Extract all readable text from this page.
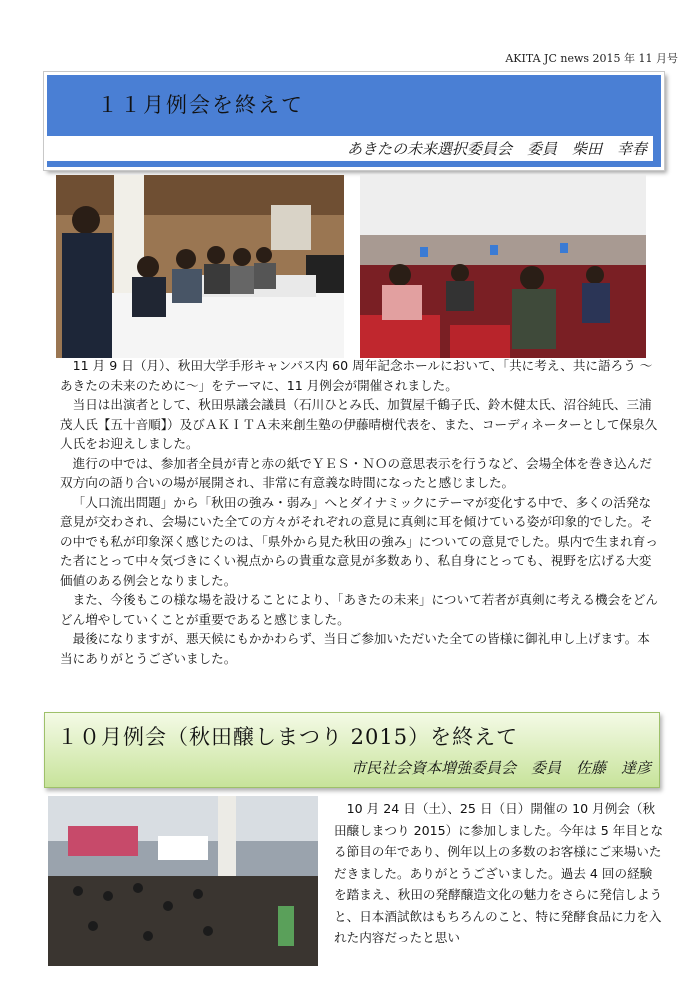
AKITA JC news 2015 年 11 月号
１１月例会を終えて
あきたの未来選択委員会　委員　柴田　幸春

11 月 9 日（月）、秋田大学手形キャンパス内 60 周年記念ホールにおいて、「共に考え、共に語ろう ～あきたの未来のために～」をテーマに、11 月例会が開催されました。

当日は出演者として、秋田県議会議員（石川ひとみ氏、加賀屋千鶴子氏、鈴木健太氏、沼谷純氏、三浦茂人氏【五十音順】）及びＡＫＩＴＡ未来創生塾の伊藤晴樹代表を、また、コーディネーターとして保泉久人氏をお迎えしました。

進行の中では、参加者全員が青と赤の紙でＹＥＳ・ＮＯの意思表示を行うなど、会場全体を巻き込んだ双方向の語り合いの場が展開され、非常に有意義な時間になったと感じました。

「人口流出問題」から「秋田の強み・弱み」へとダイナミックにテーマが変化する中で、多くの活発な意見が交わされ、会場にいた全ての方々がそれぞれの意見に真剣に耳を傾けている姿が印象的でした。その中でも私が印象深く感じたのは、「県外から見た秋田の強み」についての意見でした。県内で生まれ育った者にとって中々気づきにくい視点からの貴重な意見が多数あり、私自身にとっても、視野を広げる大変価値のある例会となりました。

また、今後もこの様な場を設けることにより、「あきたの未来」について若者が真剣に考える機会をどんどん増やしていくことが重要であると感じました。

最後になりますが、悪天候にもかかわらず、当日ご参加いただいた全ての皆様に御礼申し上げます。本当にありがとうございました。

１０月例会（秋田醸しまつり 2015）を終えて
市民社会資本増強委員会　委員　佐藤　達彦

10 月 24 日（土）、25 日（日）開催の 10 月例会（秋田醸しまつり 2015）に参加しました。今年は 5 年目となる節目の年であり、例年以上の多数のお客様にご来場いただきました。ありがとうございました。過去 4 回の経験を踏まえ、秋田の発酵醸造文化の魅力をさらに発信しようと、日本酒試飲はもちろんのこと、特に発酵食品に力を入れた内容だったと思い
